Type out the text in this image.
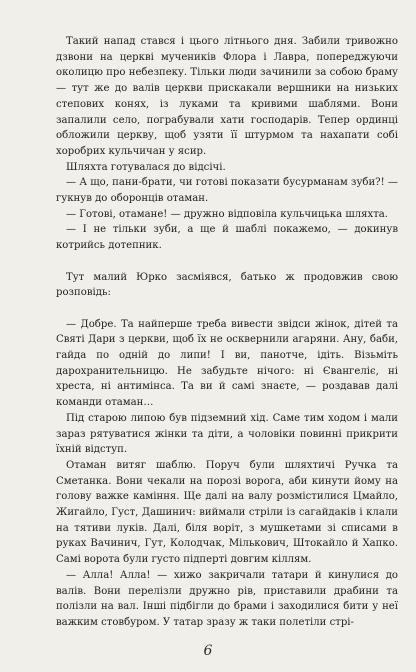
Такий напад стався і цього літнього дня. Забили тривожно дзвони на церкві мучеників Флора і Лавра, попереджуючи околицю про небезпеку. Тільки люди зачинили за собою браму — тут же до валів церкви прискакали вершники на низьких степових конях, із луками та кривими шаблями. Вони запалили село, пограбували хати господарів. Тепер ординці обложили церкву, щоб узяти її штурмом та нахапати собі хоробрих кульчичан у ясир.

Шляхта готувалася до відсічі.

— А що, пани-брати, чи готові показати бусурманам зуби?! — гукнув до оборонців отаман.

— Готові, отамане! — дружно відповіла кульчицька шляхта.

— І не тільки зуби, а ще й шаблі покажемо, — докинув котрийсь дотепник.

Тут малий Юрко засміявся, батько ж продовжив свою розповідь:

— Добре. Та найперше треба вивести звідси жінок, дітей та Святі Дари з церкви, щоб їх не осквернили агаряни. Ану, баби, гайда по одній до липи! І ви, панотче, ідіть. Візьміть дарохранительницю. Не забудьте нічого: ні Євангеліє, ні хреста, ні антимінса. Та ви й самі знаєте, — роздавав далі команди отаман…

Під старою липою був підземний хід. Саме тим ходом і мали зараз рятуватися жінки та діти, а чоловіки повинні прикрити їхній відступ.

Отаман витяг шаблю. Поруч були шляхтичі Ручка та Сметанка. Вони чекали на порозі ворога, аби кинути йому на голову важке каміння. Ще далі на валу розмістилися Цмайло, Жигайло, Густ, Дашинич: виймали стріли із сагайдаків і клали на тятиви луків. Далі, біля воріт, з мушкетами зі списами в руках Вачинич, Гут, Колодчак, Мількович, Штокайло й Хапко. Самі ворота були густо підперті довгим кіллям.

— Алла! Алла! — хижо закричали татари й кинулися до валів. Вони перелізли дружно рів, приставили драбини та полізли на вал. Інші підбігли до брами і заходилися бити у неї важким стовбуром. У татар зразу ж таки полетіли стрі-

6
